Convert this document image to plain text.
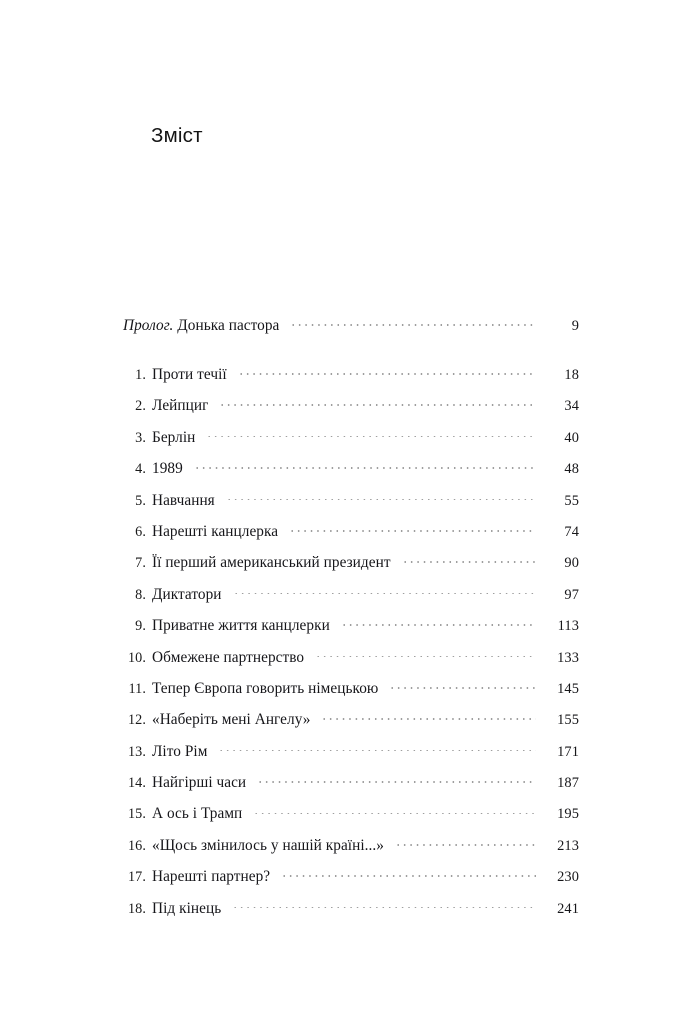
Зміст
Пролог. Донька пастора	9
1. Проти течії	18
2. Лейпциг	34
3. Берлін	40
4. 1989	48
5. Навчання	55
6. Нарешті канцлерка	74
7. Її перший американський президент	90
8. Диктатори	97
9. Приватне життя канцлерки	113
10. Обмежене партнерство	133
11. Тепер Європа говорить німецькою	145
12. «Наберіть мені Ангелу»	155
13. Літо Рім	171
14. Найгірші часи	187
15. А ось і Трамп	195
16. «Щось змінилось у нашій країні...»	213
17. Нарешті партнер?	230
18. Під кінець	241
